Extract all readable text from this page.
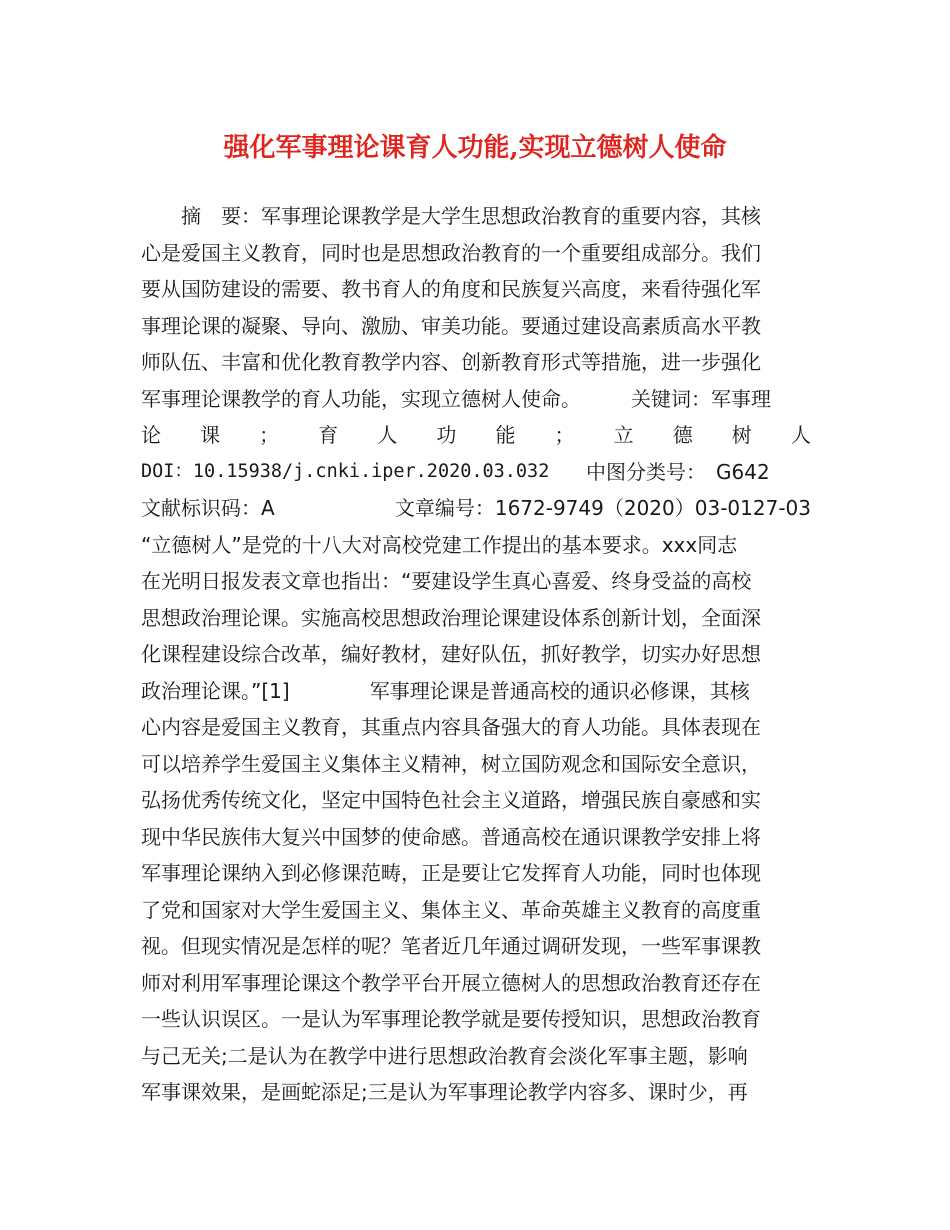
强化军事理论课育人功能,实现立德树人使命
　　摘　要：军事理论课教学是大学生思想政治教育的重要内容，其核
心是爱国主义教育，同时也是思想政治教育的一个重要组成部分。我们
要从国防建设的需要、教书育人的角度和民族复兴高度，来看待强化军
事理论课的凝聚、导向、激励、审美功能。要通过建设高素质高水平教
师队伍、丰富和优化教育教学内容、创新教育形式等措施，进一步强化
军事理论课教学的育人功能，实现立德树人使命。　　　关键词：军事理
论 课 ； 育 人 功 能 ； 立 德 树 人
DOI：10.15938/j.cnki.iper.2020.03.032	中图分类号：　G642
文献标识码：A	文章编号：1672-9749（2020）03-0127-03
“立德树人”是党的十八大对高校党建工作提出的基本要求。xxx同志
在光明日报发表文章也指出：“要建设学生真心喜爱、终身受益的高校
思想政治理论课。实施高校思想政治理论课建设体系创新计划，全面深
化课程建设综合改革，编好教材，建好队伍，抓好教学，切实办好思想
政治理论课。”[1]　　　　军事理论课是普通高校的通识必修课，其核
心内容是爱国主义教育，其重点内容具备强大的育人功能。具体表现在
可以培养学生爱国主义集体主义精神，树立国防观念和国际安全意识，
弘扬优秀传统文化，坚定中国特色社会主义道路，增强民族自豪感和实
现中华民族伟大复兴中国梦的使命感。普通高校在通识课教学安排上将
军事理论课纳入到必修课范畴，正是要让它发挥育人功能，同时也体现
了党和国家对大学生爱国主义、集体主义、革命英雄主义教育的高度重
视。但现实情况是怎样的呢？笔者近几年通过调研发现，一些军事课教
师对利用军事理论课这个教学平台开展立德树人的思想政治教育还存在
一些认识误区。一是认为军事理论教学就是要传授知识，思想政治教育
与己无关;二是认为在教学中进行思想政治教育会淡化军事主题，影响
军事课效果，是画蛇添足;三是认为军事理论教学内容多、课时少，再
